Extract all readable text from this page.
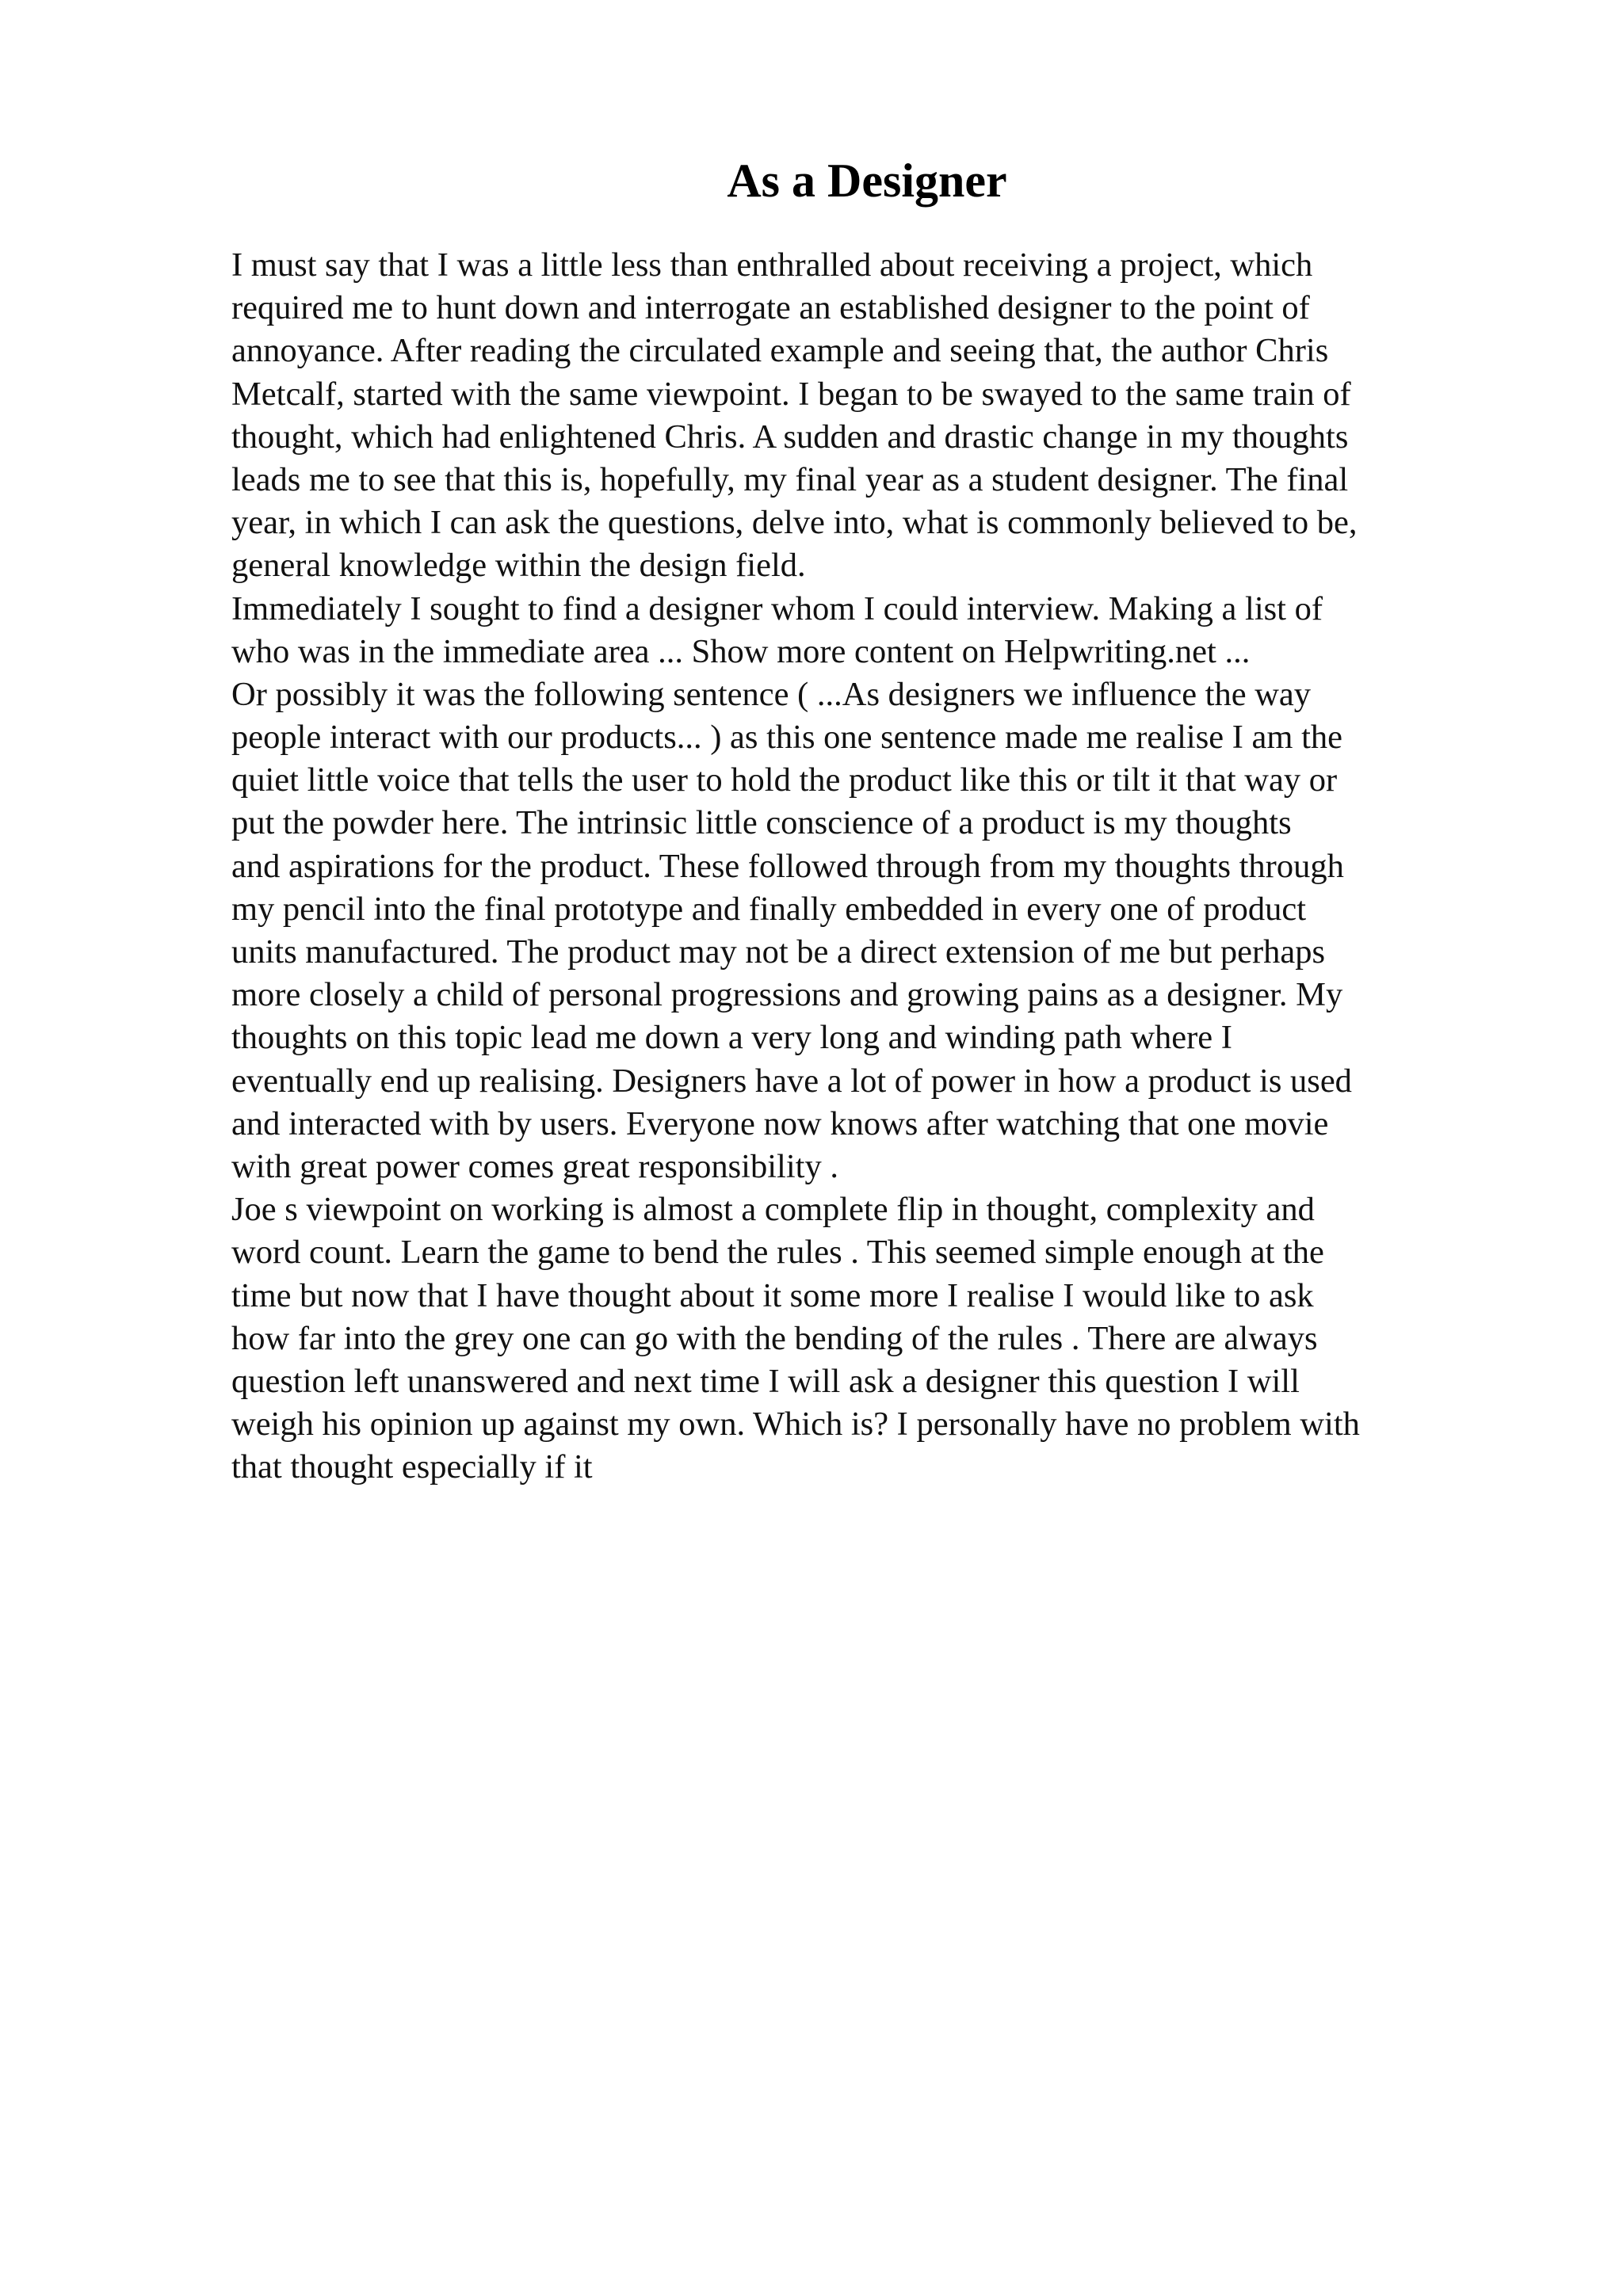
As a Designer
I must say that I was a little less than enthralled about receiving a project, which
required me to hunt down and interrogate an established designer to the point of
annoyance. After reading the circulated example and seeing that, the author Chris
Metcalf, started with the same viewpoint. I began to be swayed to the same train of
thought, which had enlightened Chris. A sudden and drastic change in my thoughts
leads me to see that this is, hopefully, my final year as a student designer. The final
year, in which I can ask the questions, delve into, what is commonly believed to be,
general knowledge within the design field.
Immediately I sought to find a designer whom I could interview. Making a list of
who was in the immediate area ... Show more content on Helpwriting.net ...
Or possibly it was the following sentence ( ...As designers we influence the way
people interact with our products... ) as this one sentence made me realise I am the
quiet little voice that tells the user to hold the product like this or tilt it that way or
put the powder here. The intrinsic little conscience of a product is my thoughts
and aspirations for the product. These followed through from my thoughts through
my pencil into the final prototype and finally embedded in every one of product
units manufactured. The product may not be a direct extension of me but perhaps
more closely a child of personal progressions and growing pains as a designer. My
thoughts on this topic lead me down a very long and winding path where I
eventually end up realising. Designers have a lot of power in how a product is used
and interacted with by users. Everyone now knows after watching that one movie
with great power comes great responsibility .
Joe s viewpoint on working is almost a complete flip in thought, complexity and
word count. Learn the game to bend the rules . This seemed simple enough at the
time but now that I have thought about it some more I realise I would like to ask
how far into the grey one can go with the bending of the rules . There are always
question left unanswered and next time I will ask a designer this question I will
weigh his opinion up against my own. Which is? I personally have no problem with
that thought especially if it
